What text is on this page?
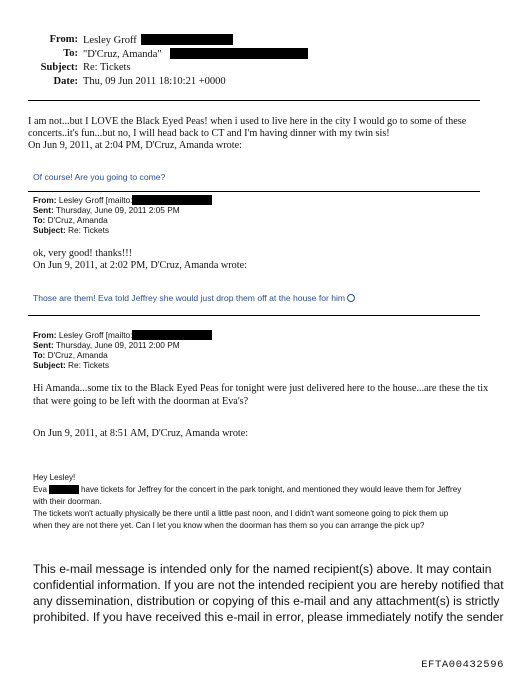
From: Lesley Groff
To: "D'Cruz, Amanda"
Subject: Re: Tickets
Date: Thu, 09 Jun 2011 18:10:21 +0000
I am not...but I LOVE the Black Eyed Peas! when i used to live here in the city I would go to some of these
concerts..it's fun...but no, I will head back to CT and I'm having dinner with my twin sis!
On Jun 9, 2011, at 2:04 PM, D'Cruz, Amanda wrote:
Of course! Are you going to come?
From: Lesley Groff [mailto:
Sent: Thursday, June 09, 2011 2:05 PM
To: D'Cruz, Amanda
Subject: Re: Tickets
ok, very good! thanks!!!
On Jun 9, 2011, at 2:02 PM, D'Cruz, Amanda wrote:
Those are them! Eva told Jeffrey she would just drop them off at the house for him
From: Lesley Groff [mailto:
Sent: Thursday, June 09, 2011 2:00 PM
To: D'Cruz, Amanda
Subject: Re: Tickets
Hi Amanda...some tix to the Black Eyed Peas for tonight were just delivered here to the house...are these the tix
that were going to be left with the doorman at Eva's?
On Jun 9, 2011, at 8:51 AM, D'Cruz, Amanda wrote:
Hey Lesley!
Eva	have tickets for Jeffrey for the concert in the park tonight, and mentioned they would leave them for Jeffrey
with their doorman.
The tickets won't actually physically be there until a little past noon, and I didn't want someone going to pick them up
when they are not there yet. Can I let you know when the doorman has them so you can arrange the pick up?
This e-mail message is intended only for the named recipient(s) above. It may contain
confidential information. If you are not the intended recipient you are hereby notified that
any dissemination, distribution or copying of this e-mail and any attachment(s) is strictly
prohibited. If you have received this e-mail in error, please immediately notify the sender
EFTA00432596
